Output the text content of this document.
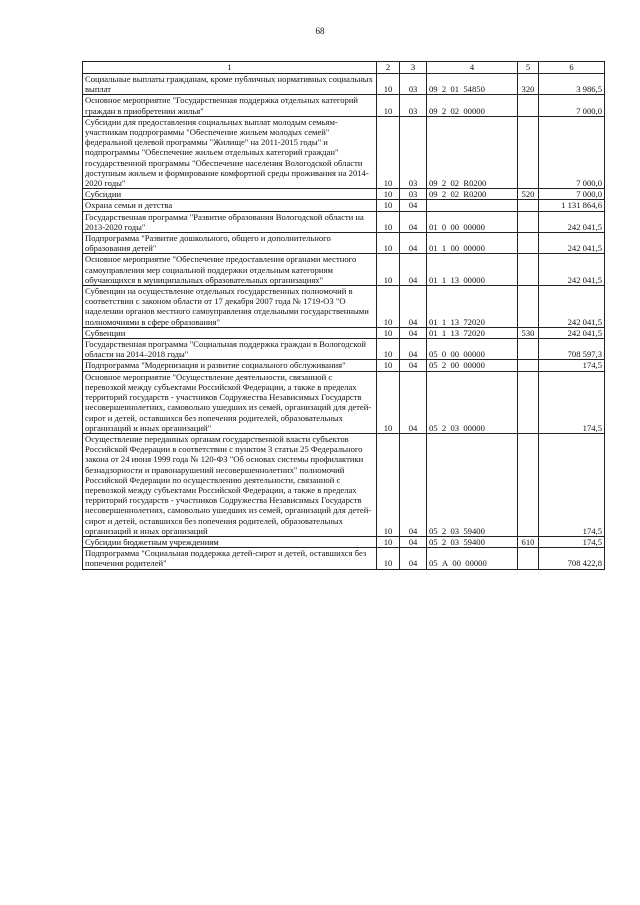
68
1	2	3	4	5	6
Социальные выплаты гражданам, кроме публичных нормативных социальных выплат	10	03	09  2  01  54850	320	3 986,5
Основное мероприятие "Государственная поддержка отдельных категорий граждан в приобретении жилья"	10	03	09  2  02  00000		7 000,0
Субсидии для предоставления социальных выплат молодым семьям-участникам подпрограммы "Обеспечение жильем молодых семей" федеральной целевой программы "Жилище" на 2011-2015 годы" и подпрограммы "Обеспечение жильем отдельных категорий граждан" государственной программы "Обеспечение населения Вологодской области доступным жильем и формирование комфортной среды проживания на 2014-2020 годы"	10	03	09  2  02  R0200		7 000,0
Субсидии	10	03	09  2  02  R0200	520	7 000,0
Охрана семьи и детства	10	04			1 131 864,6
Государственная программа "Развитие образования Вологодской области на 2013-2020 годы"	10	04	01  0  00  00000		242 041,5
Подпрограмма "Развитие дошкольного, общего и дополнительного образования детей"	10	04	01  1  00  00000		242 041,5
Основное мероприятие "Обеспечение предоставления органами местного самоуправления мер социальной поддержки отдельным категориям обучающихся в муниципальных образовательных организациях"	10	04	01  1  13  00000		242 041,5
Субвенции на осуществление отдельных государственных полномочий в соответствии с законом области от 17 декабря 2007 года № 1719-ОЗ "О наделении органов местного самоуправления отдельными государственными полномочиями в сфере образования"	10	04	01  1  13  72020		242 041,5
Субвенции	10	04	01  1  13  72020	530	242 041,5
Государственная программа "Социальная поддержка граждан в Вологодской области на 2014–2018 годы"	10	04	05  0  00  00000		708 597,3
Подпрограмма "Модернизация и развитие социального обслуживания"	10	04	05  2  00  00000		174,5
Основное мероприятие "Осуществление деятельности, связанной с перевозкой между субъектами Российской Федерации, а также в пределах территорий государств - участников Содружества Независимых Государств несовершеннолетних, самовольно ушедших из семей, организаций для детей-сирот и детей, оставшихся без попечения родителей, образовательных организаций и иных организаций"	10	04	05  2  03  00000		174,5
Осуществление переданных органам государственной власти субъектов Российской Федерации в соответствии с пунктом 3 статьи 25 Федерального закона от 24 июня 1999 года № 120-ФЗ "Об основах системы профилактики безнадзорности и правонарушений несовершеннолетних" полномочий Российской Федерации по осуществлению деятельности, связанной с перевозкой между субъектами Российской Федерации, а также в пределах территорий государств - участников Содружества Независимых Государств несовершеннолетних, самовольно ушедших из семей, организаций для детей-сирот и детей, оставшихся без попечения родителей, образовательных организаций и иных организаций	10	04	05  2  03  59400		174,5
Субсидии бюджетным учреждениям	10	04	05  2  03  59400	610	174,5
Подпрограмма "Социальная поддержка детей-сирот и детей, оставшихся без попечения родителей"	10	04	05  А  00  00000		708 422,8
